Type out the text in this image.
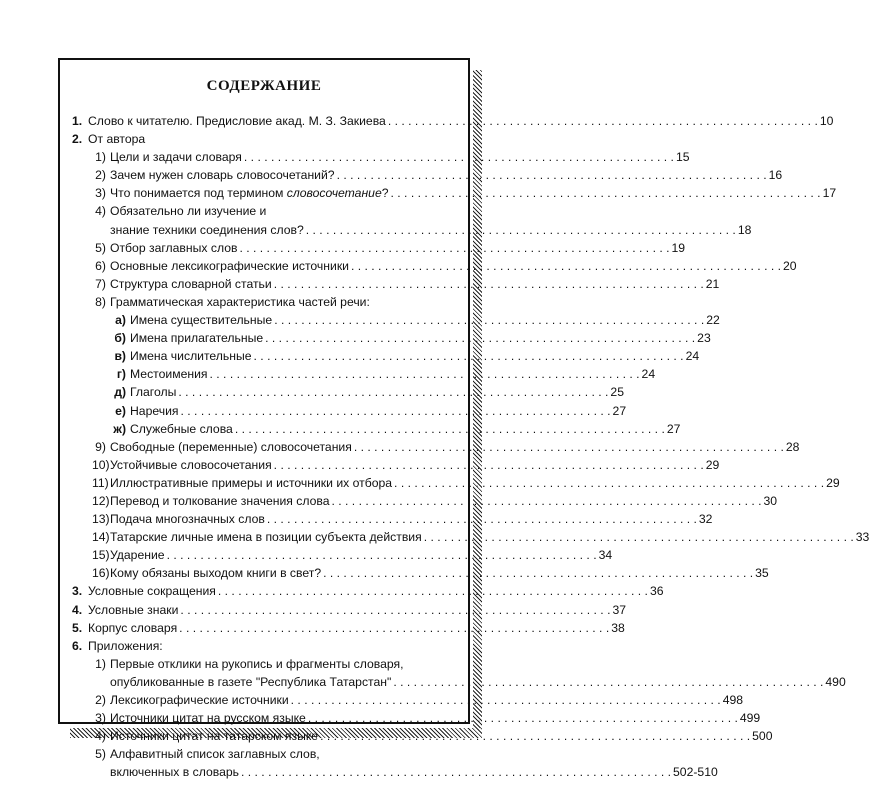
СОДЕРЖАНИЕ
1. Слово к читателю. Предисловие акад. М. З. Закиева . . .	10
2. От автора
1) Цели и задачи словаря . . .	15
2) Зачем нужен словарь словосочетаний? . . .	16
3) Что понимается под термином словосочетание? . . .	17
4) Обязательно ли изучение и
знание техники соединения слов? . . .	18
5) Отбор заглавных слов . . .	19
6) Основные лексикографические источники . . .	20
7) Структура словарной статьи . . .	21
8) Грамматическая характеристика частей речи:
а) Имена существительные . . .	22
б) Имена прилагательные . . .	23
в) Имена числительные . . .	24
г) Местоимения . . .	24
д) Глаголы . . .	25
е) Наречия . . .	27
ж) Служебные слова . . .	27
9) Свободные (переменные) словосочетания . . .	28
10) Устойчивые словосочетания . . .	29
11) Иллюстративные примеры и источники их отбора . . .	29
12) Перевод и толкование значения слова . . .	30
13) Подача многозначных слов . . .	32
14) Татарские личные имена в позиции субъекта действия . . .	33
15) Ударение . . .	34
16) Кому обязаны выходом книги в свет? . . .	35
3. Условные сокращения . . .	36
4. Условные знаки . . .	37
5. Корпус словаря . . .	38
6. Приложения:
1) Первые отклики на рукопись и фрагменты словаря,
опубликованные в газете "Республика Татарстан" . . .	490
2) Лексикографические источники . . .	498
3) Источники цитат на русском языке . . .	499
4) Источники цитат на татарском языке . . .	500
5) Алфавитный список заглавных слов,
включенных в словарь . . .	502-510
